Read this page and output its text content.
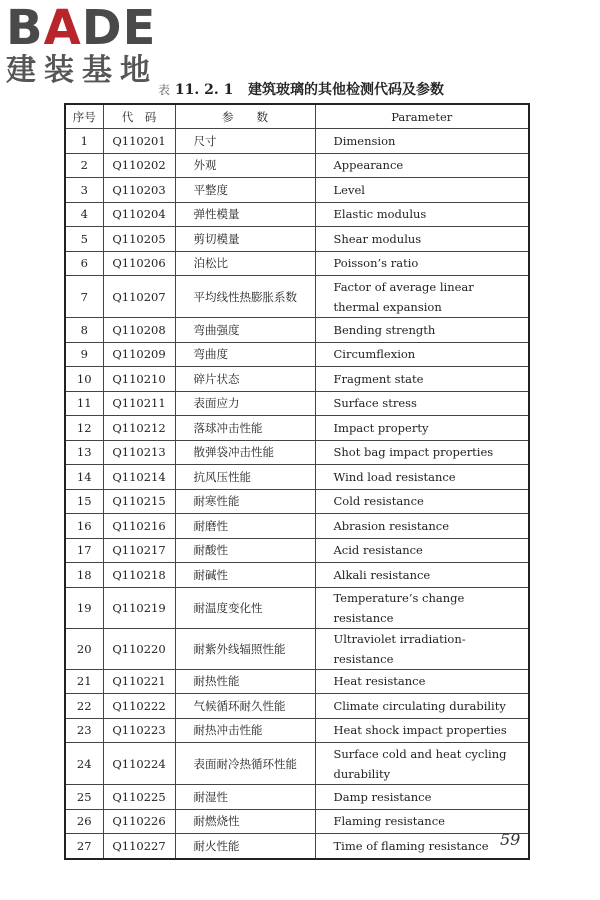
BADE
建装基地
表 11. 2. 1 建筑玻璃的其他检测代码及参数
序号	代　码	参　　数	Parameter
1	Q110201	尺寸	Dimension
2	Q110202	外观	Appearance
3	Q110203	平整度	Level
4	Q110204	弹性模量	Elastic modulus
5	Q110205	剪切模量	Shear modulus
6	Q110206	泊松比	Poisson’s ratio
7	Q110207	平均线性热膨胀系数	Factor of average linear thermal expansion
8	Q110208	弯曲强度	Bending strength
9	Q110209	弯曲度	Circumflexion
10	Q110210	碎片状态	Fragment state
11	Q110211	表面应力	Surface stress
12	Q110212	落球冲击性能	Impact property
13	Q110213	散弹袋冲击性能	Shot bag impact properties
14	Q110214	抗风压性能	Wind load resistance
15	Q110215	耐寒性能	Cold resistance
16	Q110216	耐磨性	Abrasion resistance
17	Q110217	耐酸性	Acid resistance
18	Q110218	耐碱性	Alkali resistance
19	Q110219	耐温度变化性	Temperature’s change resistance
20	Q110220	耐紫外线辐照性能	Ultraviolet irradiation-resistance
21	Q110221	耐热性能	Heat resistance
22	Q110222	气候循环耐久性能	Climate circulating durability
23	Q110223	耐热冲击性能	Heat shock impact properties
24	Q110224	表面耐冷热循环性能	Surface cold and heat cycling durability
25	Q110225	耐湿性	Damp resistance
26	Q110226	耐燃烧性	Flaming resistance
27	Q110227	耐火性能	Time of flaming resistance 59
